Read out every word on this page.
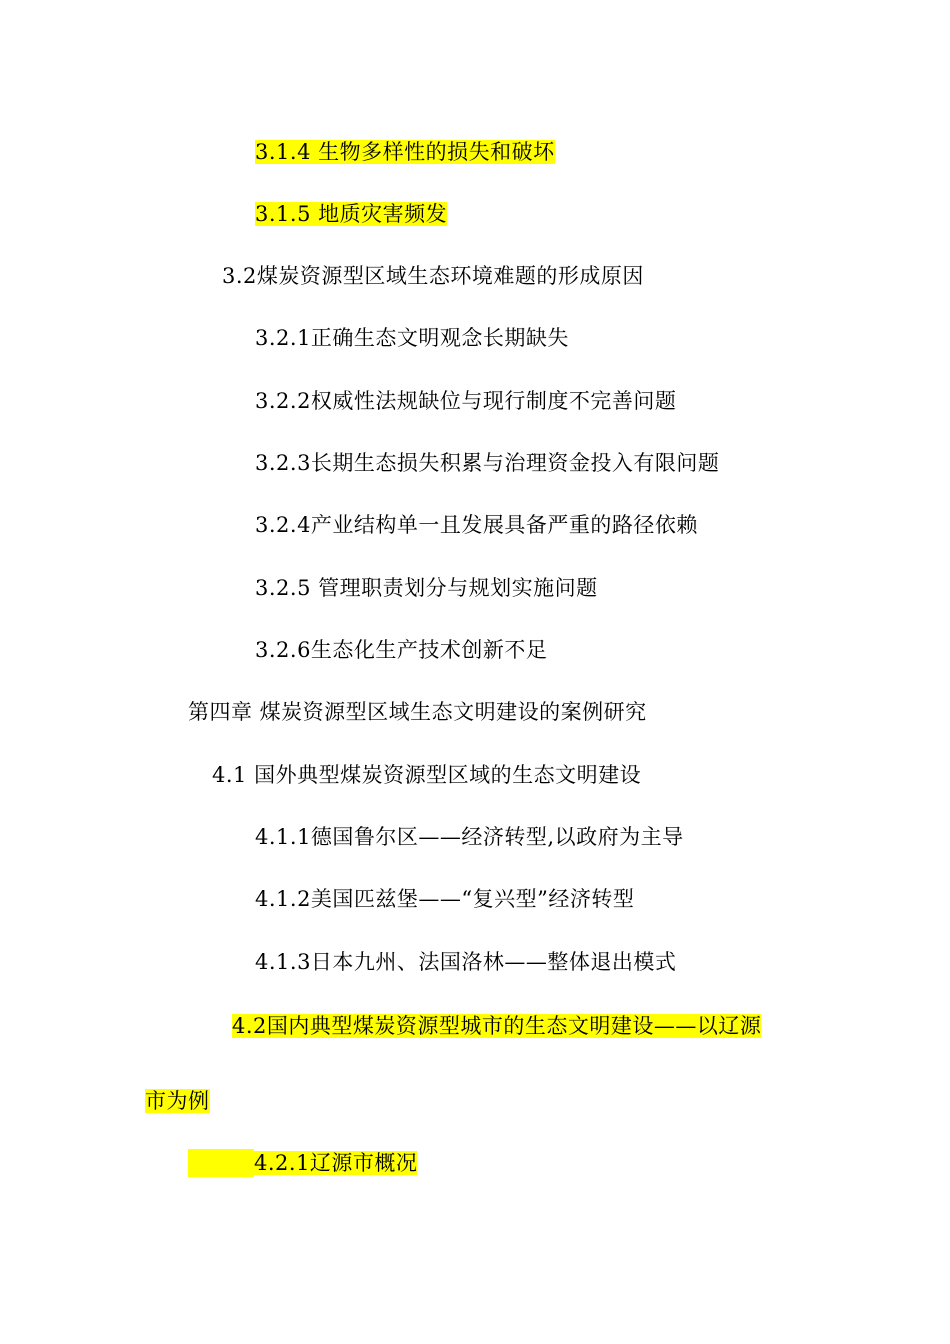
3.1.4 生物多样性的损失和破坏
3.1.5 地质灾害频发
3.2煤炭资源型区域生态环境难题的形成原因
3.2.1正确生态文明观念长期缺失
3.2.2权威性法规缺位与现行制度不完善问题
3.2.3长期生态损失积累与治理资金投入有限问题
3.2.4产业结构单一且发展具备严重的路径依赖
3.2.5 管理职责划分与规划实施问题
3.2.6生态化生产技术创新不足
第四章 煤炭资源型区域生态文明建设的案例研究
4.1 国外典型煤炭资源型区域的生态文明建设
4.1.1德国鲁尔区——经济转型,以政府为主导
4.1.2美国匹兹堡——“复兴型”经济转型
4.1.3日本九州、法国洛林——整体退出模式
4.2国内典型煤炭资源型城市的生态文明建设——以辽源
市为例
4.2.1辽源市概况
